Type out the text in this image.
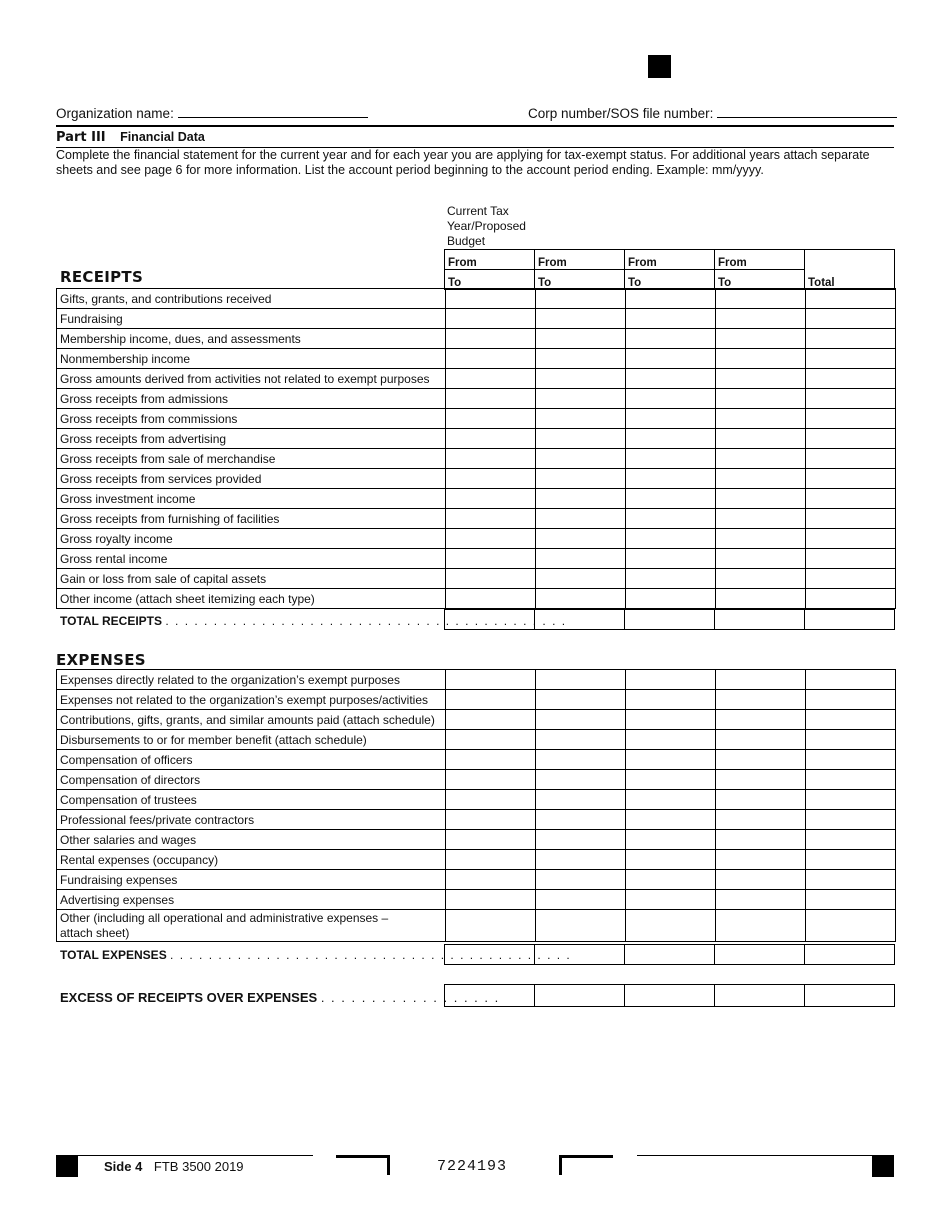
Organization name:	Corp number/SOS file number:
Part III Financial Data
Complete the financial statement for the current year and for each year you are applying for tax-exempt status. For additional years attach separate sheets and see page 6 for more information. List the account period beginning to the account period ending. Example: mm/yyyy.
Current Tax Year/Proposed Budget
RECEIPTS
From	From	From	From	Total
To	To	To	To	
Gifts, grants, and contributions received					
Fundraising					
Membership income, dues, and assessments					
Nonmembership income					
Gross amounts derived from activities not related to exempt purposes					
Gross receipts from admissions					
Gross receipts from commissions					
Gross receipts from advertising					
Gross receipts from sale of merchandise					
Gross receipts from services provided					
Gross investment income					
Gross receipts from furnishing of facilities					
Gross royalty income					
Gross rental income					
Gain or loss from sale of capital assets					
Other income (attach sheet itemizing each type)					
TOTAL RECEIPTS . . . . . . . . . . . . . . . . . . . . . . . . . . . . . . . . . . . . . . . . . .

EXPENSES
Expenses directly related to the organization’s exempt purposes					
Expenses not related to the organization’s exempt purposes/activities					
Contributions, gifts, grants, and similar amounts paid (attach schedule)					
Disbursements to or for member benefit (attach schedule)					
Compensation of officers					
Compensation of directors					
Compensation of trustees					
Professional fees/private contractors					
Other salaries and wages					
Rental expenses (occupancy)					
Fundraising expenses					
Advertising expenses					

Other (including all operational and administrative expenses –
attach sheet)					

TOTAL EXPENSES . . . . . . . . . . . . . . . . . . . . . . . . . . . . . . . . . . . . . . . . . .

EXCESS OF RECEIPTS OVER EXPENSES . . . . . . . . . . . . . . . . . .

Side 4 FTB 3500 2019	7224193
